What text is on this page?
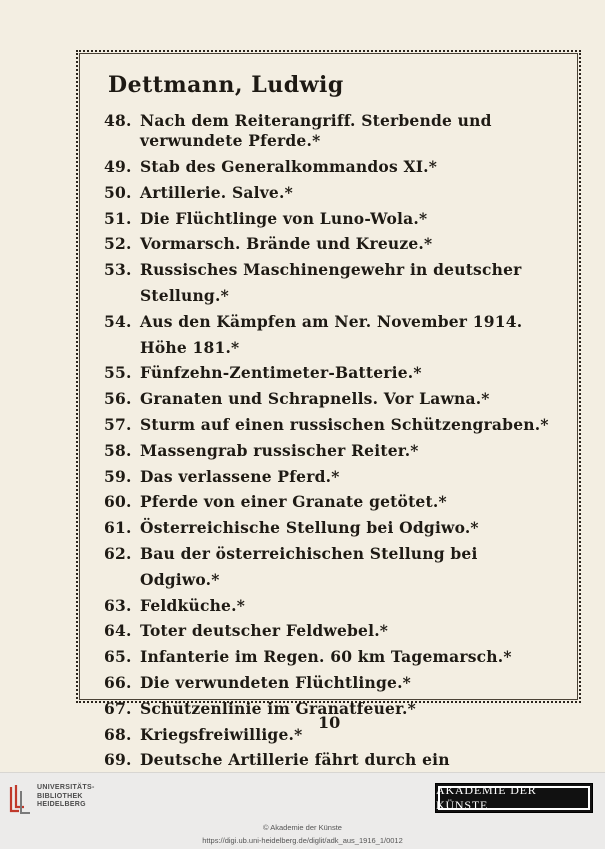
Dettmann, Ludwig
48. Nach dem Reiterangriff. Sterbende und verwundete Pferde.*
49. Stab des Generalkommandos XI.*
50. Artillerie. Salve.*
51. Die Flüchtlinge von Luno-Wola.*
52. Vormarsch. Brände und Kreuze.*
53. Russisches Maschinengewehr in deutscher Stellung.*
54. Aus den Kämpfen am Ner. November 1914. Höhe 181.*
55. Fünfzehn-Zentimeter-Batterie.*
56. Granaten und Schrapnells. Vor Lawna.*
57. Sturm auf einen russischen Schützengraben.*
58. Massengrab russischer Reiter.*
59. Das verlassene Pferd.*
60. Pferde von einer Granate getötet.*
61. Österreichische Stellung bei Odgiwo.*
62. Bau der österreichischen Stellung bei Odgiwo.*
63. Feldküche.*
64. Toter deutscher Feldwebel.*
65. Infanterie im Regen. 60 km Tagemarsch.*
66. Die verwundeten Flüchtlinge.*
67. Schützenlinie im Granatfeuer.*
68. Kriegsfreiwillige.*
69. Deutsche Artillerie fährt durch ein
10
UNIVERSITÄTS-
BIBLIOTHEK
HEIDELBERG
AKADEMIE DER KÜNSTE
© Akademie der Künste
https://digi.ub.uni-heidelberg.de/diglit/adk_aus_1916_1/0012
